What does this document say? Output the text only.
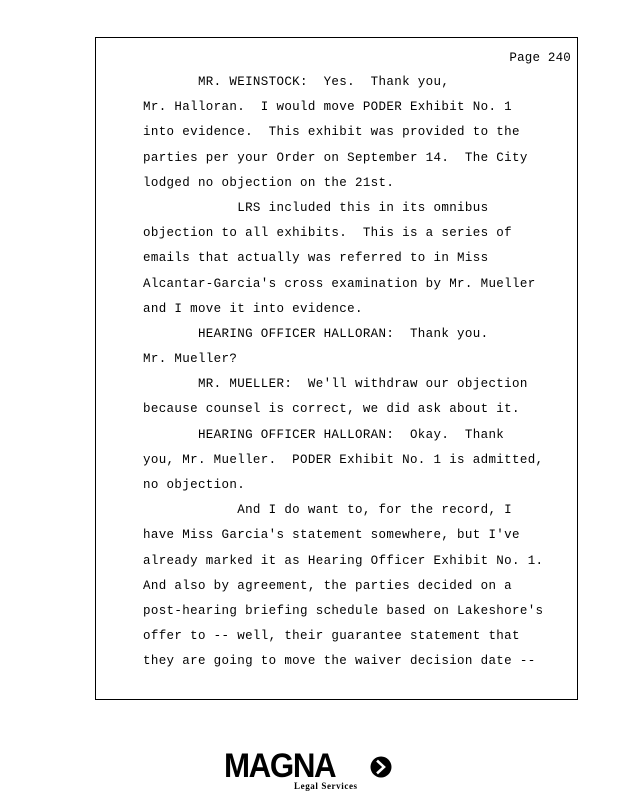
Page 240
MR. WEINSTOCK:  Yes.  Thank you,
Mr. Halloran.  I would move PODER Exhibit No. 1
into evidence.  This exhibit was provided to the
parties per your Order on September 14.  The City
lodged no objection on the 21st.
LRS included this in its omnibus
objection to all exhibits.  This is a series of
emails that actually was referred to in Miss
Alcantar-Garcia's cross examination by Mr. Mueller
and I move it into evidence.
HEARING OFFICER HALLORAN:  Thank you.
Mr. Mueller?
MR. MUELLER:  We'll withdraw our objection
because counsel is correct, we did ask about it.
HEARING OFFICER HALLORAN:  Okay.  Thank
you, Mr. Mueller.  PODER Exhibit No. 1 is admitted,
no objection.
And I do want to, for the record, I
have Miss Garcia's statement somewhere, but I've
already marked it as Hearing Officer Exhibit No. 1.
And also by agreement, the parties decided on a
post-hearing briefing schedule based on Lakeshore's
offer to -- well, their guarantee statement that
they are going to move the waiver decision date --
MAGNA
Legal Services
